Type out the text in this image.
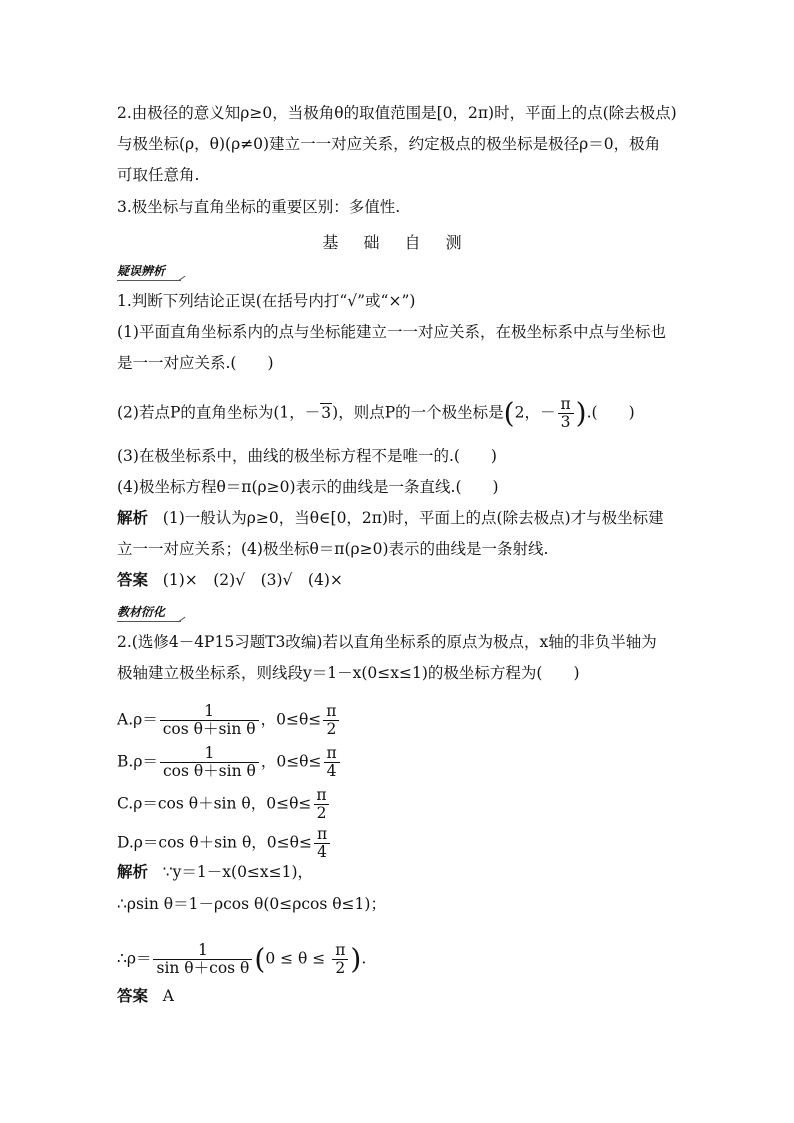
2.由极径的意义知ρ≥0，当极角θ的取值范围是[0，2π)时，平面上的点(除去极点)
与极坐标(ρ，θ)(ρ≠0)建立一一对应关系，约定极点的极坐标是极径ρ＝0，极角
可取任意角.
3.极坐标与直角坐标的重要区别：多值性.
基 础 自 测
疑误辨析
1.判断下列结论正误(在括号内打“√”或“×”)
(1)平面直角坐标系内的点与坐标能建立一一对应关系，在极坐标系中点与坐标也
是一一对应关系.(　　)
(2)若点P的直角坐标为(1，－3)，则点P的一个极坐标是(2，－ $\frac{\pi}{3}$ ).(　　)
(3)在极坐标系中，曲线的极坐标方程不是唯一的.(　　)
(4)极坐标方程θ＝π(ρ≥0)表示的曲线是一条直线.(　　)
解析 (1)一般认为ρ≥0，当θ∈[0，2π)时，平面上的点(除去极点)才与极坐标建
立一一对应关系；(4)极坐标θ＝π(ρ≥0)表示的曲线是一条射线.
答案 (1)×　(2)√　(3)√　(4)×
教材衍化
2.(选修4－4P15习题T3改编)若以直角坐标系的原点为极点，x轴的非负半轴为
极轴建立极坐标系，则线段y＝1－x(0≤x≤1)的极坐标方程为(　　)
$A.\rho= \frac{1}{\text{cos θ＋sin θ}}$ ，$0\le\theta\le \frac{\pi}{2}$
$B.\rho= \frac{1}{\text{cos θ＋sin θ}}$ ，$0\le\theta\le \frac{\pi}{4}$
C.ρ＝cos θ＋sin θ，$0\le\theta\le \frac{\pi}{2}$
D.ρ＝cos θ＋sin θ，$0\le\theta\le \frac{\pi}{4}$
解析 ∵y＝1－x(0≤x≤1)，
∴ρsin θ＝1－ρcos θ(0≤ρcos θ≤1)；
∴ρ＝ $\frac{1}{\text{sin θ＋cos θ}} (0 \le \theta \le \frac{\pi}{2}$ ).
答案 A
